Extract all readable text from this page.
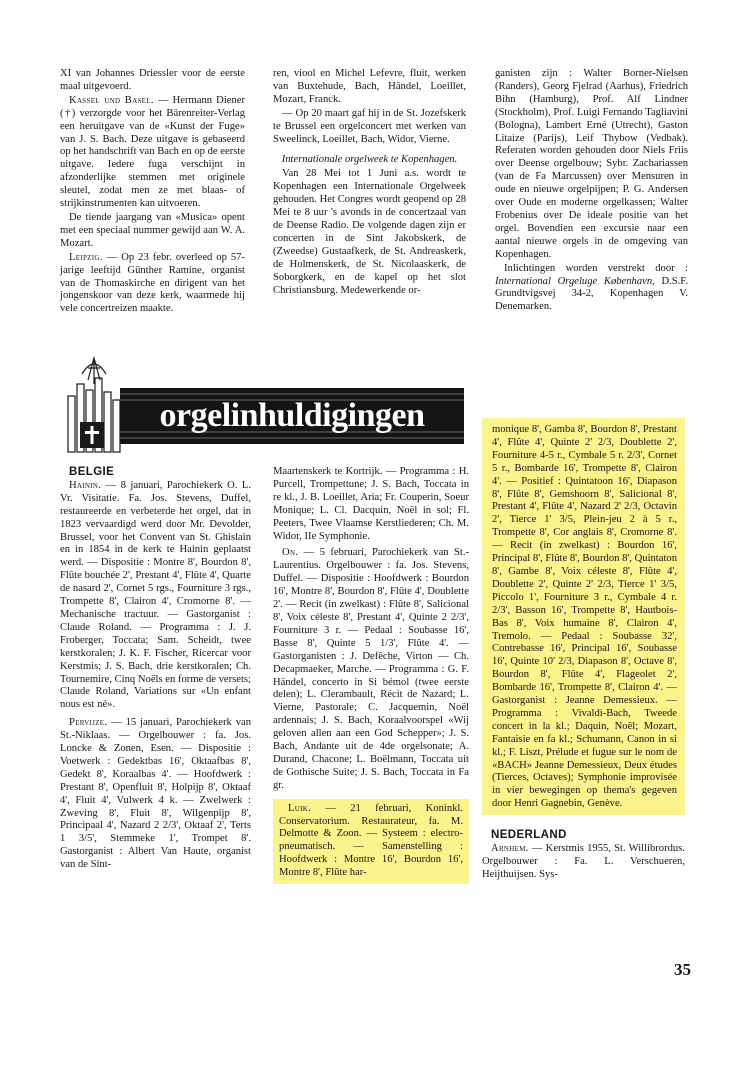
XI van Johannes Driessler voor de eerste maal uitgevoerd.

Kassel und Basel. — Hermann Diener (†) verzorgde voor het Bärenreiter-Verlag een heruitgave van de «Kunst der Fuge» van J. S. Bach. Deze uitgave is gebaseerd op het handschrift van Bach en op de eerste uitgave. Iedere fuga verschijnt in afzonderlijke stemmen met originele sleutel, zodat men ze met blaas- of strijkinstrumenten kan uitvoeren.

De tiende jaargang van «Musica» opent met een speciaal nummer gewijd aan W. A. Mozart.

Leipzig. — Op 23 febr. overleed op 57-jarige leeftijd Günther Ramine, organist van de Thomaskirche en dirigent van het jongenskoor van deze kerk, waarmede hij vele concertreizen maakte.

ren, viool en Michel Lefevre, fluit, werken van Buxtehude, Bach, Händel, Loeillet, Mozart, Franck.

— Op 20 maart gaf hij in de St. Jozefskerk te Brussel een orgelconcert met werken van Sweelinck, Loeillet, Bach, Widor, Vierne.

Internationale orgelweek te Kopenhagen.

Van 28 Mei tot 1 Juni a.s. wordt te Kopenhagen een Internationale Orgelweek gehouden. Het Congres wordt geopend op 28 Mei te 8 uur 's avonds in de concertzaal van de Deense Radio. De volgende dagen zijn er concerten in de Sint Jakobskerk, de (Zweedse) Gustaafkerk, de St. Andreaskerk, de Holmenskerk, de St. Nicolaaskerk, de Soborgkerk, en de kapel op het slot Christiansburg. Medewerkende or-

ganisten zijn : Walter Borner-Nielsen (Randers), Georg Fjelrad (Aarhus), Friedrich Bihn (Hamburg), Prof. Alf Lindner (Stockholm), Prof. Luigi Fernando Tagliavini (Bologna), Lambert Erné (Utrecht), Gaston Litaize (Parijs), Leif Thybow (Vedbak). Referaten worden gehouden door Niels Friis over Deense orgelbouw; Sybr. Zachariassen (van de Fa Marcussen) over Mensuren in oude en nieuwe orgelpijpen; P. G. Andersen over Oude en moderne orgelkassen; Walter Frobenius over De ideale positie van het orgel. Bovendien een excursie naar een aantal nieuwe orgels in de omgeving van Kopenhagen.

Inlichtingen worden verstrekt door : International Orgeluge København, D.S.F. Grundtvigsvej 34-2, Kopenhagen V. Denemarken.

orgelinhuldigingen

BELGIE

Hainin. — 8 januari, Parochiekerk O. L. Vr. Visitatie. Fa. Jos. Stevens, Duffel, restaureerde en verbeterde het orgel, dat in 1823 vervaardigd werd door Mr. Devolder, Brussel, voor het Convent van St. Ghislain en in 1854 in de kerk te Hainin geplaatst werd. — Dispositie : Montre 8', Bourdon 8', Flûte bouchée 2', Prestant 4', Flûte 4', Quarte de nasard 2', Cornet 5 rgs., Fourniture 3 rgs., Trompette 8', Clairon 4', Cromorne 8'. — Mechanische tractuur. — Gastorganist : Claude Roland. — Programma : J. J. Froberger, Toccata; Sam. Scheidt, twee kerstkoralen; J. K. F. Fischer, Ricercar voor Kerstmis; J. S. Bach, drie kerstkoralen; Ch. Tournemire, Cinq Noëls en forme de versets; Claude Roland, Variations sur «Un enfant nous est né».

Pervijze. — 15 januari, Parochiekerk van St.-Niklaas. — Orgelbouwer : fa. Jos. Loncke & Zonen, Esen. — Dispositie : Voetwerk : Gedektbas 16', Oktaafbas 8', Gedekt 8', Koraalbas 4'. — Hoofdwerk : Prestant 8', Openfluit 8', Holpijp 8', Oktaaf 4', Fluit 4', Vulwerk 4 k. — Zwelwerk : Zweving 8', Fluit 8', Wilgenpijp 8', Principaal 4', Nazard 2 2/3', Oktaaf 2', Terts 1 3/5', Stemmeke 1', Trompet 8'. Gastorganist : Albert Van Haute, organist van de Sint-

Maartenskerk te Kortrijk. — Programma : H. Purcell, Trompettune; J. S. Bach, Toccata in re kl., J. B. Loeillet, Aria; Fr. Couperin, Soeur Monique; L. Cl. Dacquin, Noël in sol; Fl. Peeters, Twee Vlaamse Kerstliederen; Ch. M. Widor, IIe Symphonie.

On. — 5 februari, Parochiekerk van St.-Laurentius. Orgelbouwer : fa. Jos. Stevens, Duffel. — Dispositie : Hoofdwerk : Bourdon 16', Montre 8', Bourdon 8', Flûte 4', Doublette 2'. — Recit (in zwelkast) : Flûte 8', Salicional 8', Voix céleste 8', Prestant 4', Quinte 2 2/3', Fourniture 3 r. — Pedaal : Soubasse 16', Basse 8', Quinte 5 1/3', Flûte 4'. — Gastorganisten : J. Defêche, Virton — Ch. Decapmaeker, Marche. — Programma : G. F. Händel, concerto in Si bémol (twee eerste delen); L. Clerambault, Récit de Nazard; L. Vierne, Pastorale; C. Jacquemin, Noël ardennais; J. S. Bach, Koraalvoorspel «Wij geloven allen aan een God Schepper»; J. S. Bach, Andante uit de 4de orgelsonate; A. Durand, Chacone; L. Boëlmann, Toccata uit de Gothische Suite; J. S. Bach, Toccata in Fa gr.

Luik. — 21 februari, Koninkl. Conservatorium. Restaurateur, fa. M. Delmotte & Zoon. — Systeem : electro-pneumatisch. — Samenstelling : Hoofdwerk : Montre 16', Bourdon 16', Montre 8', Flûte har-

monique 8', Gamba 8', Bourdon 8', Prestant 4', Flûte 4', Quinte 2' 2/3, Doublette 2', Fourniture 4-5 r., Cymbale 5 r. 2/3', Cornet 5 r., Bombarde 16', Trompette 8', Clairon 4'. — Positief : Quintatoon 16', Diapason 8', Flûte 8', Gemshoorn 8', Salicional 8', Prestant 4', Flûte 4', Nazard 2' 2/3, Octavin 2', Tierce 1' 3/5, Plein-jeu 2 à 5 r., Trompette 8', Cor anglais 8', Cromorne 8'. — Recit (in zwelkast) : Bourdon 16', Principal 8', Flûte 8', Bourdon 8', Quintaton 8', Gambe 8', Voix céleste 8', Flûte 4', Doublette 2', Quinte 2' 2/3, Tierce 1' 3/5, Piccolo 1', Fourniture 3 r., Cymbale 4 r. 2/3', Basson 16', Trompette 8', Hautbois-Bas 8', Voix humaine 8', Clairon 4', Tremolo. — Pedaal : Soubasse 32', Contrebasse 16', Principal 16', Soubasse 16', Quinte 10' 2/3, Diapason 8', Octave 8', Bourdon 8', Flûte 4', Flageolet 2', Bombarde 16', Trompette 8', Clairon 4'. — Gastorganist : Jeanne Demessieux. — Programma : Vivaldi-Bach, Tweede concert in la kl.; Daquin, Noël; Mozart, Fantaisie en fa kl.; Schumann, Canon in si kl.; F. Liszt, Prélude et fugue sur le nom de «BACH» Jeanne Demessieux, Deux études (Tierces, Octaves); Symphonie improvisée in vier bewegingen op thema's gegeven door Henri Gagnebin, Genève.

NEDERLAND

Arnhem. — Kerstmis 1955, St. Willibrordus. Orgelbouwer : Fa. L. Verschueren, Heijthuijsen. Sys-

35
